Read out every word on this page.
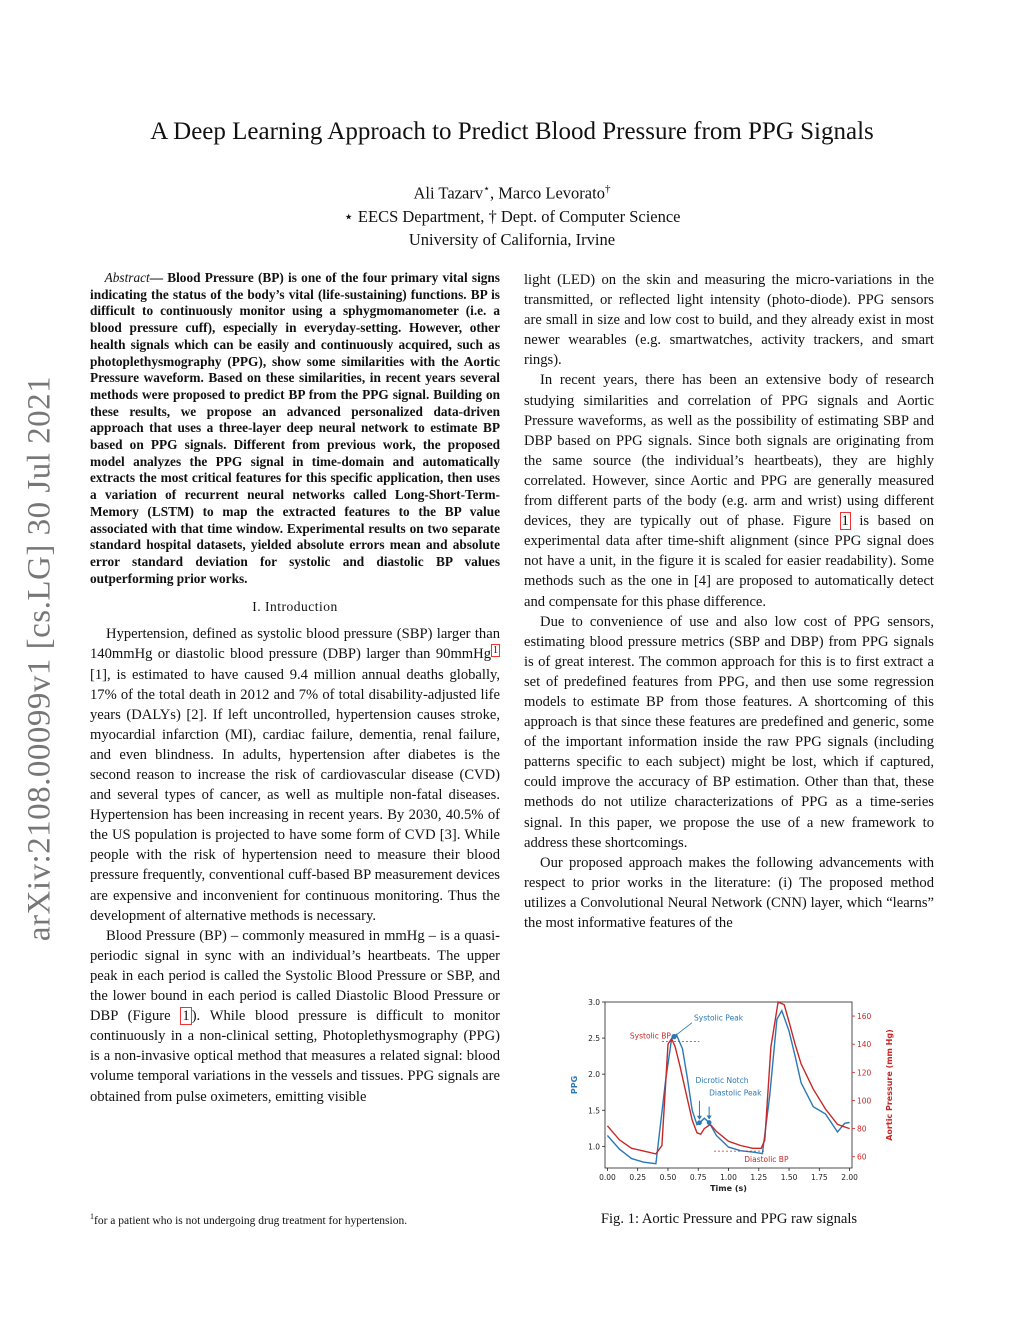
A Deep Learning Approach to Predict Blood Pressure from PPG Signals
Ali Tazarv⋆, Marco Levorato†
⋆ EECS Department, † Dept. of Computer Science
University of California, Irvine
arXiv:2108.00099v1 [cs.LG] 30 Jul 2021

Abstract— Blood Pressure (BP) is one of the four primary vital signs indicating the status of the body’s vital (life-sustaining) functions. BP is difficult to continuously monitor using a sphygmomanometer (i.e. a blood pressure cuff), especially in everyday-setting. However, other health signals which can be easily and continuously acquired, such as photoplethysmography (PPG), show some similarities with the Aortic Pressure waveform. Based on these similarities, in recent years several methods were proposed to predict BP from the PPG signal. Building on these results, we propose an advanced personalized data-driven approach that uses a three-layer deep neural network to estimate BP based on PPG signals. Different from previous work, the proposed model analyzes the PPG signal in time-domain and automatically extracts the most critical features for this specific application, then uses a variation of recurrent neural networks called Long-Short-Term-Memory (LSTM) to map the extracted features to the BP value associated with that time window. Experimental results on two separate standard hospital datasets, yielded absolute errors mean and absolute error standard deviation for systolic and diastolic BP values outperforming prior works.

I. Introduction

Hypertension, defined as systolic blood pressure (SBP) larger than 140mmHg or diastolic blood pressure (DBP) larger than 90mmHg $^1$ [1], is estimated to have caused 9.4 million annual deaths globally, 17% of the total death in 2012 and 7% of total disability-adjusted life years (DALYs) [2]. If left uncontrolled, hypertension causes stroke, myocardial infarction (MI), cardiac failure, dementia, renal failure, and even blindness. In adults, hypertension after diabetes is the second reason to increase the risk of cardiovascular disease (CVD) and several types of cancer, as well as multiple non-fatal diseases. Hypertension has been increasing in recent years. By 2030, 40.5% of the US population is projected to have some form of CVD [3]. While people with the risk of hypertension need to measure their blood pressure frequently, conventional cuff-based BP measurement devices are expensive and inconvenient for continuous monitoring. Thus the development of alternative methods is necessary.

Blood Pressure (BP) – commonly measured in mmHg – is a quasi-periodic signal in sync with an individual’s heartbeats. The upper peak in each period is called the Systolic Blood Pressure or SBP, and the lower bound in each period is called Diastolic Blood Pressure or DBP (Figure 1 ). While blood pressure is difficult to monitor continuously in a non-clinical setting, Photoplethysmography (PPG) is a non-invasive optical method that measures a related signal: blood volume temporal variations in the vessels and tissues. PPG signals are obtained from pulse oximeters, emitting visible

light (LED) on the skin and measuring the micro-variations in the transmitted, or reflected light intensity (photo-diode). PPG sensors are small in size and low cost to build, and they already exist in most newer wearables (e.g. smartwatches, activity trackers, and smart rings).

In recent years, there has been an extensive body of research studying similarities and correlation of PPG signals and Aortic Pressure waveforms, as well as the possibility of estimating SBP and DBP based on PPG signals. Since both signals are originating from the same source (the individual’s heartbeats), they are highly correlated. However, since Aortic and PPG are generally measured from different parts of the body (e.g. arm and wrist) using different devices, they are typically out of phase. Figure 1 is based on experimental data after time-shift alignment (since PPG signal does not have a unit, in the figure it is scaled for easier readability). Some methods such as the one in [4] are proposed to automatically detect and compensate for this phase difference.

Due to convenience of use and also low cost of PPG sensors, estimating blood pressure metrics (SBP and DBP) from PPG signals is of great interest. The common approach for this is to first extract a set of predefined features from PPG, and then use some regression models to estimate BP from those features. A shortcoming of this approach is that since these features are predefined and generic, some of the important information inside the raw PPG signals (including patterns specific to each subject) might be lost, which if captured, could improve the accuracy of BP estimation. Other than that, these methods do not utilize characterizations of PPG as a time-series signal. In this paper, we propose the use of a new framework to address these shortcomings.

Our proposed approach makes the following advancements with respect to prior works in the literature: (i) The proposed method utilizes a Convolutional Neural Network (CNN) layer, which “learns” the most informative features of the

0.00 0.25 0.50 0.75 1.00 1.25 1.50 1.75 2.00
1.0
1.5
2.0
2.5
3.0
60
80
100
120
140
160
Time (s)
PPG	Aortic Pressure (mm Hg)
Systolic Peak
Systolic BP
Dicrotic Notch
Diastolic Peak
Diastolic BP
Fig. 1: Aortic Pressure and PPG raw signals
$^1$for a patient who is not undergoing drug treatment for hypertension.
